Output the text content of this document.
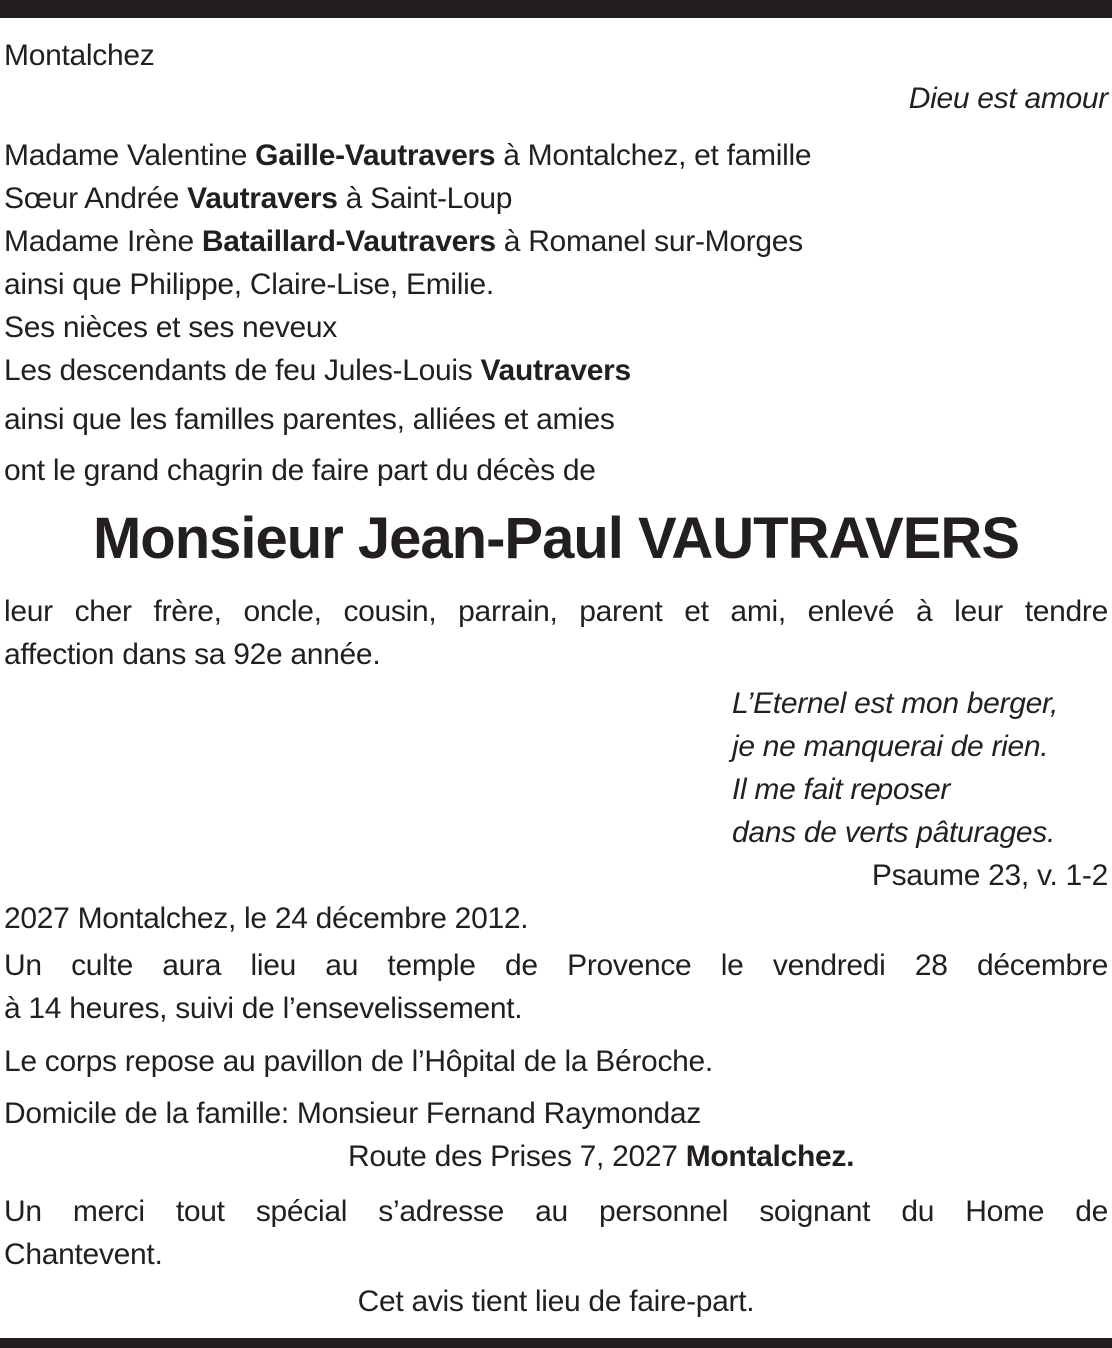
Montalchez
Dieu est amour
Madame Valentine Gaille-Vautravers à Montalchez, et famille
Sœur Andrée Vautravers à Saint-Loup
Madame Irène Bataillard-Vautravers à Romanel sur-Morges
ainsi que Philippe, Claire-Lise, Emilie.
Ses nièces et ses neveux
Les descendants de feu Jules-Louis Vautravers
ainsi que les familles parentes, alliées et amies
ont le grand chagrin de faire part du décès de
Monsieur Jean-Paul VAUTRAVERS
leur cher frère, oncle, cousin, parrain, parent et ami, enlevé à leur tendre
affection dans sa 92e année.
L’Eternel est mon berger,
je ne manquerai de rien.
Il me fait reposer
dans de verts pâturages.
Psaume 23, v. 1-2
2027 Montalchez, le 24 décembre 2012.
Un culte aura lieu au temple de Provence le vendredi 28 décembre
à 14 heures, suivi de l’ensevelissement.
Le corps repose au pavillon de l’Hôpital de la Béroche.
Domicile de la famille: Monsieur Fernand Raymondaz
Route des Prises 7, 2027 Montalchez.
Un merci tout spécial s’adresse au personnel soignant du Home de
Chantevent.
Cet avis tient lieu de faire-part.
